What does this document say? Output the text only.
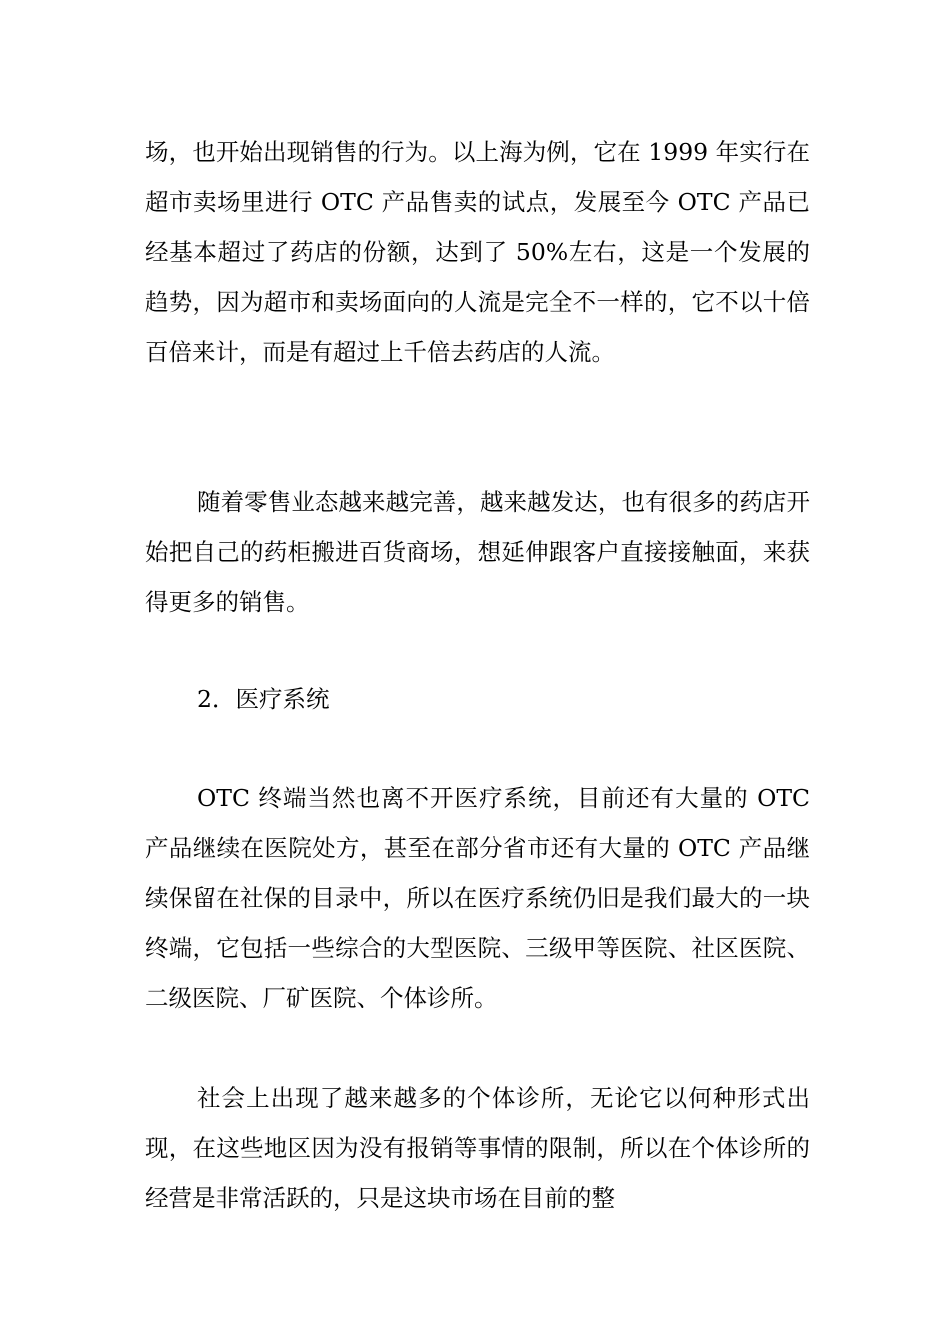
场，也开始出现销售的行为。以上海为例，它在 1999 年实行在超市卖场里进行 OTC 产品售卖的试点，发展至今 OTC 产品已经基本超过了药店的份额，达到了 50%左右，这是一个发展的趋势，因为超市和卖场面向的人流是完全不一样的，它不以十倍百倍来计，而是有超过上千倍去药店的人流。

随着零售业态越来越完善，越来越发达，也有很多的药店开始把自己的药柜搬进百货商场，想延伸跟客户直接接触面，来获得更多的销售。

2．医疗系统

OTC 终端当然也离不开医疗系统，目前还有大量的 OTC 产品继续在医院处方，甚至在部分省市还有大量的 OTC 产品继续保留在社保的目录中，所以在医疗系统仍旧是我们最大的一块终端，它包括一些综合的大型医院、三级甲等医院、社区医院、二级医院、厂矿医院、个体诊所。

社会上出现了越来越多的个体诊所，无论它以何种形式出现，在这些地区因为没有报销等事情的限制，所以在个体诊所的经营是非常活跃的，只是这块市场在目前的整
